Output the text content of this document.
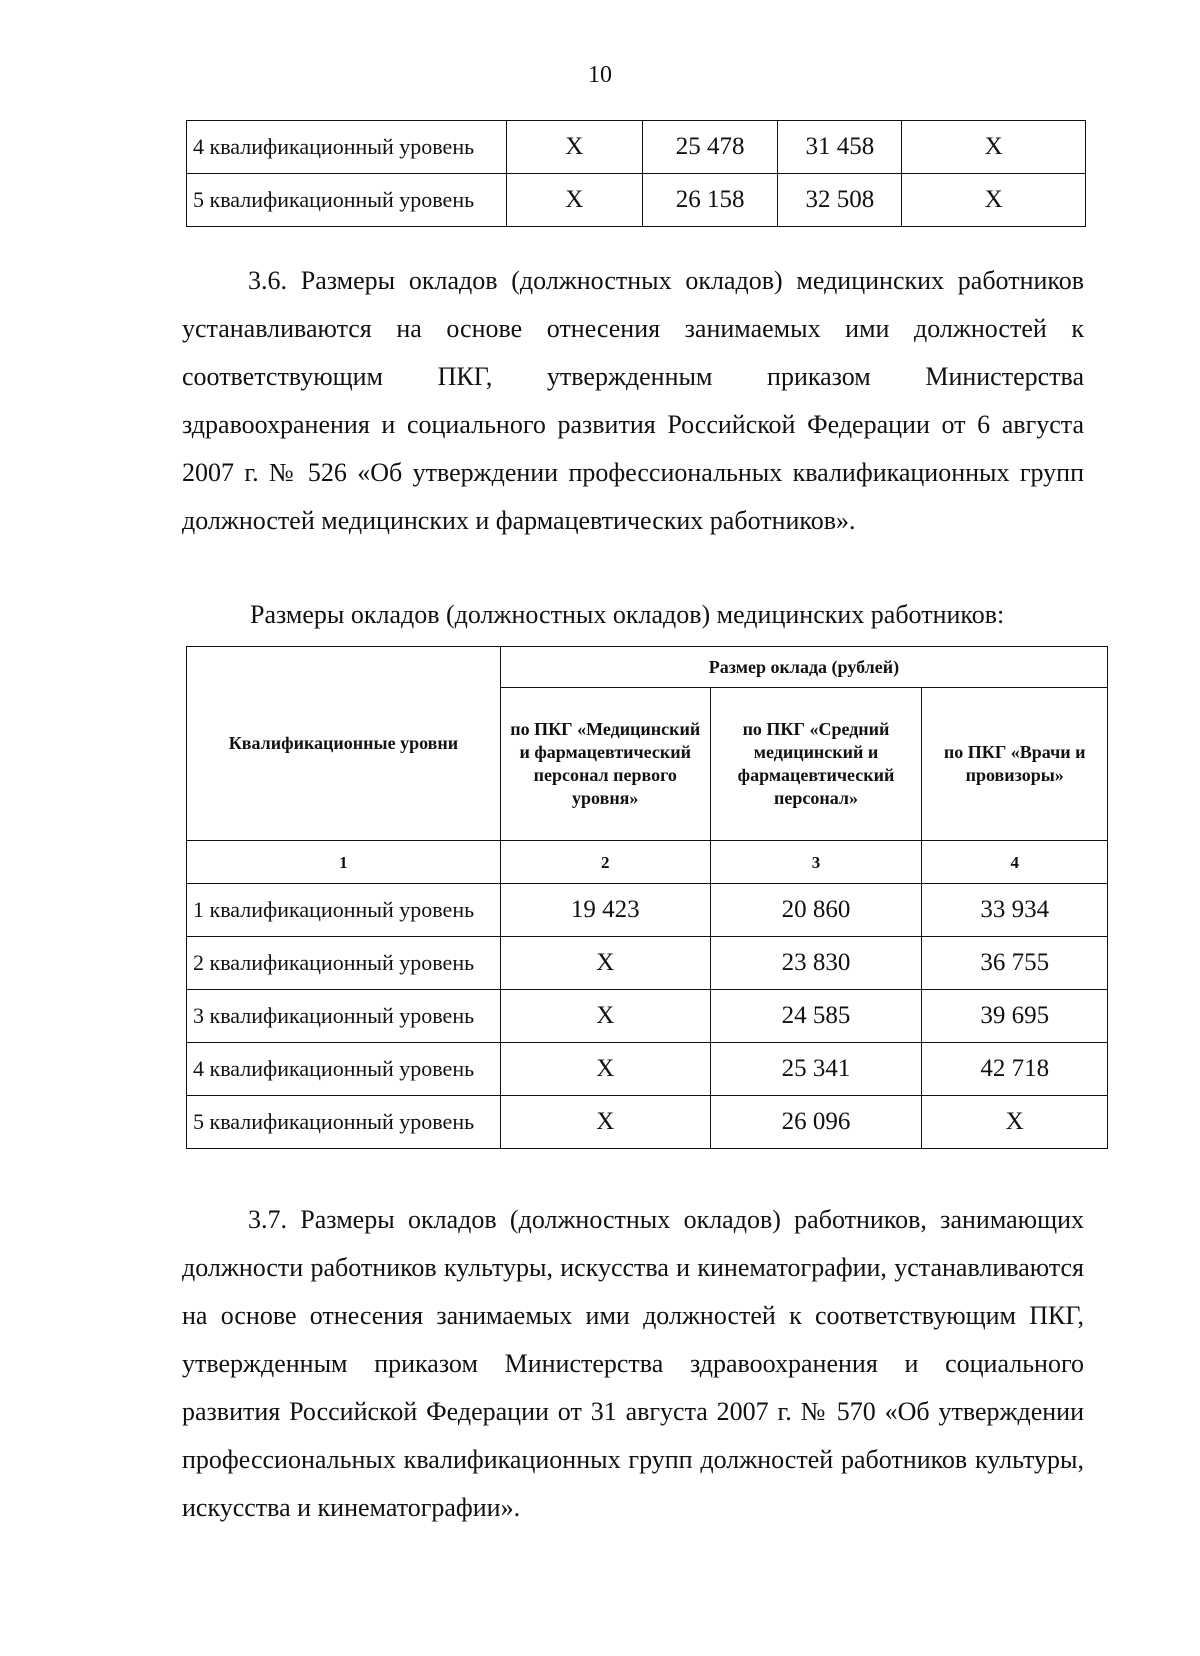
10
4 квалификационный уровень	X	25 478	31 458	X
5 квалификационный уровень	X	26 158	32 508	X
3.6. Размеры окладов (должностных окладов) медицинских работников устанавливаются на основе отнесения занимаемых ими должностей к соответствующим ПКГ, утвержденным приказом Министерства здравоохранения и социального развития Российской Федерации от 6 августа 2007 г. № 526 «Об утверждении профессиональных квалификационных групп должностей медицинских и фармацевтических работников».
Размеры окладов (должностных окладов) медицинских работников:
Квалификационные уровни	Размер оклада (рублей)		
	по ПКГ «Медицинский и фармацевтический персонал первого уровня»	по ПКГ «Средний медицинский и фармацевтический персонал»	по ПКГ «Врачи и провизоры»
1	2	3	4
1 квалификационный уровень	19 423	20 860	33 934
2 квалификационный уровень	X	23 830	36 755
3 квалификационный уровень	X	24 585	39 695
4 квалификационный уровень	X	25 341	42 718
5 квалификационный уровень	X	26 096	X
3.7. Размеры окладов (должностных окладов) работников, занимающих должности работников культуры, искусства и кинематографии, устанавливаются на основе отнесения занимаемых ими должностей к соответствующим ПКГ, утвержденным приказом Министерства здравоохранения и социального развития Российской Федерации от 31 августа 2007 г. № 570 «Об утверждении профессиональных квалификационных групп должностей работников культуры, искусства и кинематографии».
